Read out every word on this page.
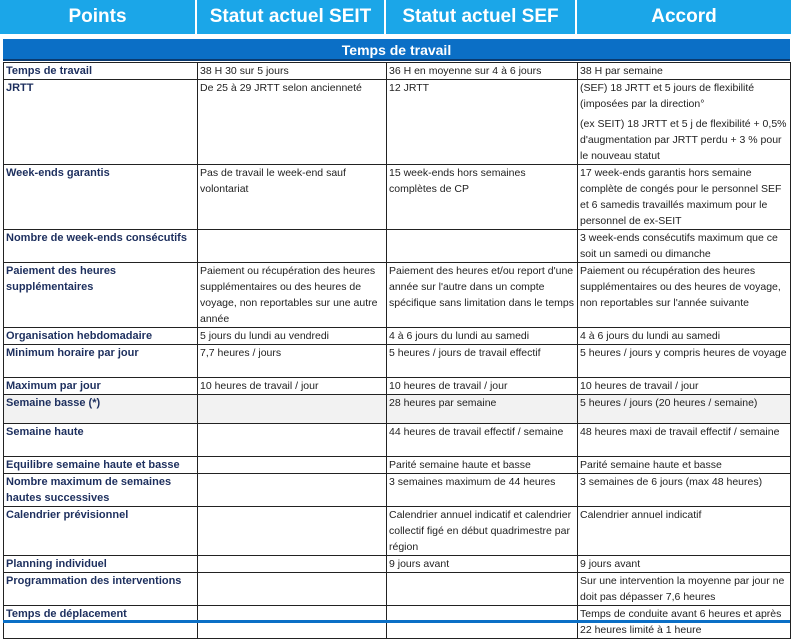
Points	Statut actuel SEIT	Statut actuel SEF	Accord
Temps de travail
Temps de travail	38 H 30 sur 5 jours	36 H en moyenne sur 4 à 6 jours	38 H par semaine

JRTT	De 25 à 29 JRTT selon ancienneté	12 JRTT	(SEF) 18 JRTT et 5 jours de flexibilité (imposées par la direction°
(ex SEIT) 18 JRTT et 5 j de flexibilité + 0,5% d'augmentation par JRTT perdu + 3 % pour le nouveau statut

Week-ends garantis	Pas de travail le week-end sauf volontariat	15 week-ends hors semaines complètes de CP	17 week-ends garantis hors semaine complète de congés pour le personnel SEF et 6 samedis travaillés maximum pour le personnel de ex-SEIT

Nombre de week-ends consécutifs			3 week-ends consécutifs maximum que ce soit un samedi ou dimanche

Paiement des heures supplémentaires	Paiement ou récupération des heures supplémentaires ou des heures de voyage, non reportables sur une autre année	Paiement des heures et/ou report d'une année sur l'autre dans un compte spécifique sans limitation dans le temps	Paiement ou récupération des heures supplémentaires ou des heures de voyage, non reportables sur l'année suivante

Organisation hebdomadaire	5 jours du lundi au vendredi	4 à 6 jours du lundi au samedi	4 à 6 jours du lundi au samedi

Minimum horaire par jour	7,7 heures / jours	5 heures / jours de travail effectif	5 heures / jours y compris heures de voyage

Maximum par jour	10 heures de travail / jour	10 heures de travail / jour	10 heures de travail / jour

Semaine basse (*)		28 heures par semaine	5 heures / jours (20 heures / semaine)

Semaine haute		44 heures de travail effectif / semaine	48 heures maxi de travail effectif / semaine

Equilibre semaine haute et basse		Parité semaine haute et basse	Parité semaine haute et basse

Nombre maximum de semaines hautes successives		3 semaines maximum de 44 heures	3 semaines de 6 jours (max 48 heures)

Calendrier prévisionnel		Calendrier annuel indicatif et calendrier collectif figé en début quadrimestre par région	Calendrier annuel indicatif

Planning individuel		9 jours avant	9 jours avant

Programmation des interventions			Sur une intervention la moyenne par jour ne doit pas dépasser 7,6 heures

Temps de déplacement			Temps de conduite avant 6 heures et après 22 heures limité à 1 heure
